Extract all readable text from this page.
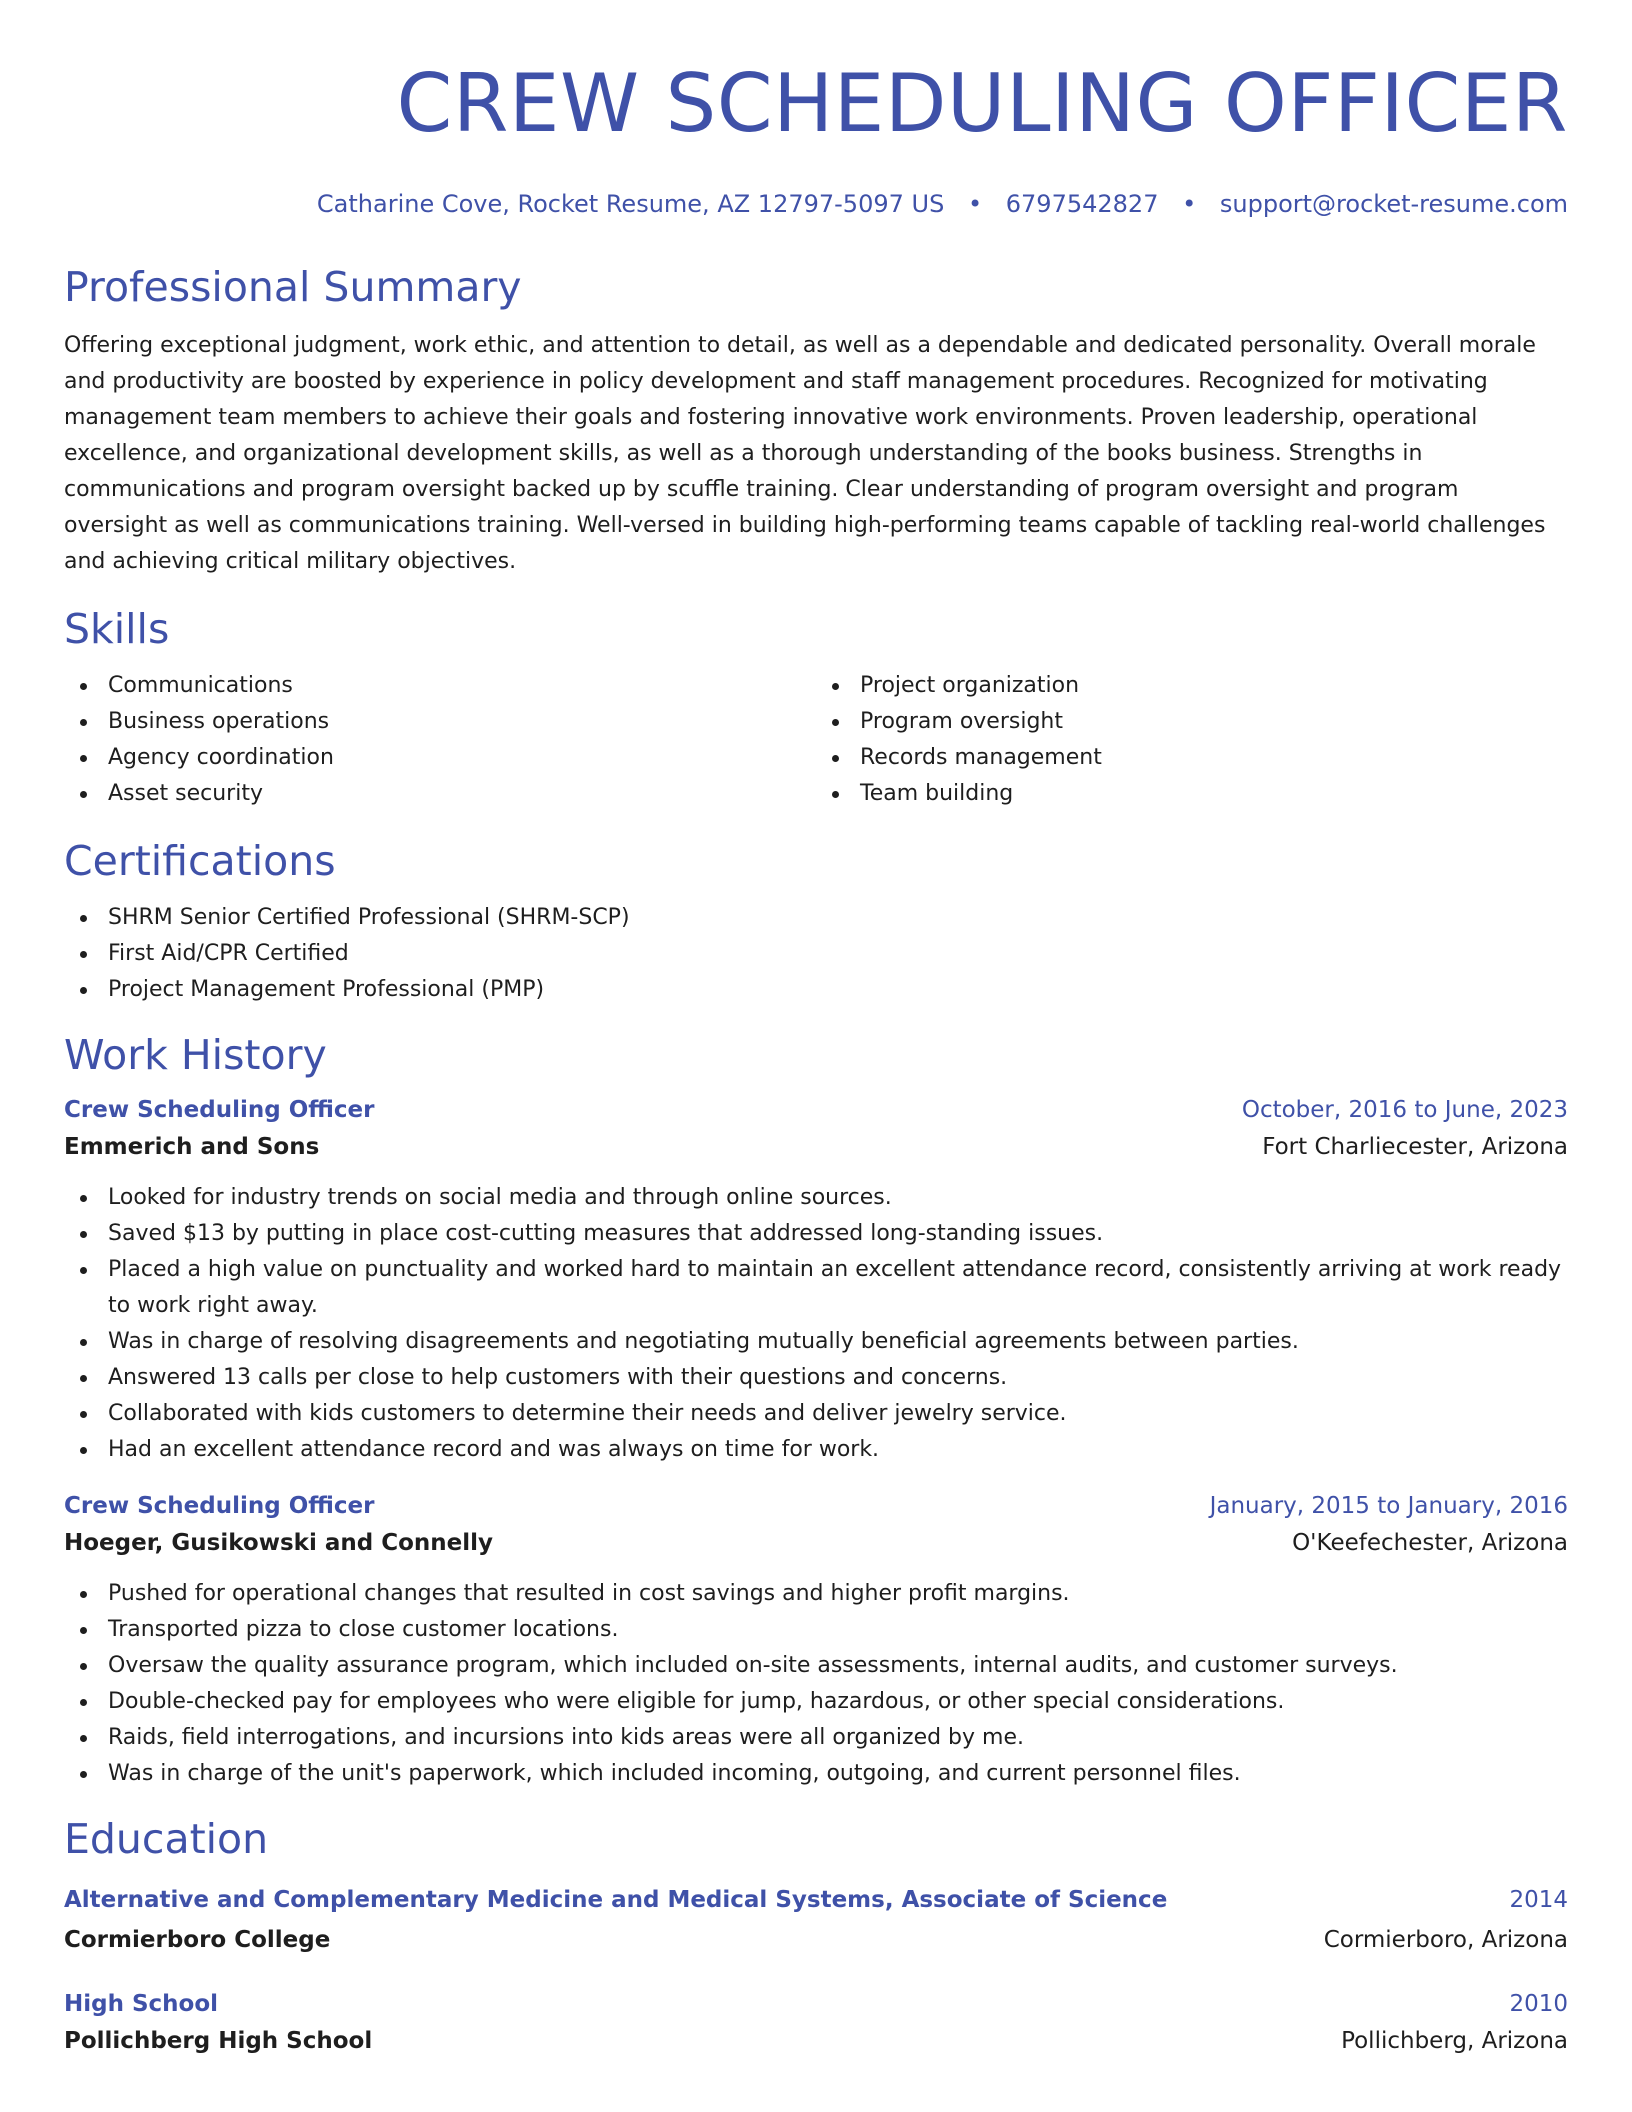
CREW SCHEDULING OFFICER
Catharine Cove, Rocket Resume, AZ 12797-5097 US • 6797542827 • support@rocket-resume.com
Professional Summary
Offering exceptional judgment, work ethic, and attention to detail, as well as a dependable and dedicated personality. Overall morale and productivity are boosted by experience in policy development and staff management procedures. Recognized for motivating management team members to achieve their goals and fostering innovative work environments. Proven leadership, operational excellence, and organizational development skills, as well as a thorough understanding of the books business. Strengths in communications and program oversight backed up by scuffle training. Clear understanding of program oversight and program oversight as well as communications training. Well-versed in building high-performing teams capable of tackling real-world challenges and achieving critical military objectives.
Skills
Communications
Business operations
Agency coordination
Asset security
Project organization
Program oversight
Records management
Team building
Certifications
SHRM Senior Certified Professional (SHRM-SCP)
First Aid/CPR Certified
Project Management Professional (PMP)
Work History
Crew Scheduling Officer	October, 2016 to June, 2023
Emmerich and Sons	Fort Charliecester, Arizona
Looked for industry trends on social media and through online sources.
Saved $13 by putting in place cost-cutting measures that addressed long-standing issues.
Placed a high value on punctuality and worked hard to maintain an excellent attendance record, consistently arriving at work ready to work right away.
Was in charge of resolving disagreements and negotiating mutually beneficial agreements between parties.
Answered 13 calls per close to help customers with their questions and concerns.
Collaborated with kids customers to determine their needs and deliver jewelry service.
Had an excellent attendance record and was always on time for work.
Crew Scheduling Officer	January, 2015 to January, 2016
Hoeger, Gusikowski and Connelly	O'Keefechester, Arizona
Pushed for operational changes that resulted in cost savings and higher profit margins.
Transported pizza to close customer locations.
Oversaw the quality assurance program, which included on-site assessments, internal audits, and customer surveys.
Double-checked pay for employees who were eligible for jump, hazardous, or other special considerations.
Raids, field interrogations, and incursions into kids areas were all organized by me.
Was in charge of the unit's paperwork, which included incoming, outgoing, and current personnel files.
Education
Alternative and Complementary Medicine and Medical Systems, Associate of Science	2014
Cormierboro College	Cormierboro, Arizona
High School	2010
Pollichberg High School	Pollichberg, Arizona
